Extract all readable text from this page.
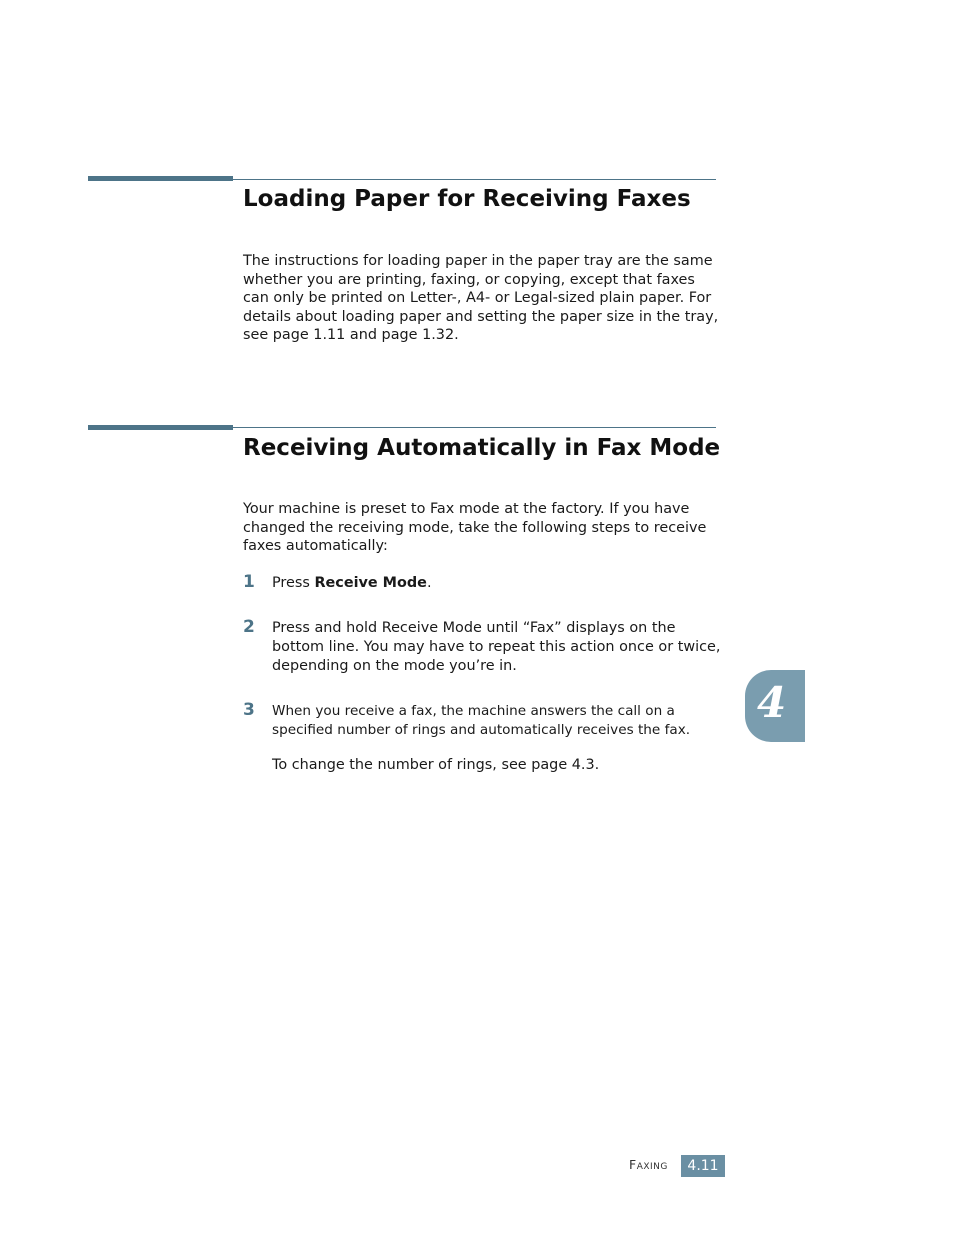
Loading Paper for Receiving Faxes

The instructions for loading paper in the paper tray are the same whether you are printing, faxing, or copying, except that faxes can only be printed on Letter-, A4- or Legal-sized plain paper. For details about loading paper and setting the paper size in the tray, see page 1.11 and page 1.32.

Receiving Automatically in Fax Mode

Your machine is preset to Fax mode at the factory. If you have changed the receiving mode, take the following steps to receive faxes automatically:

1 Press Receive Mode.

2 Press and hold Receive Mode until “Fax” displays on the bottom line. You may have to repeat this action once or twice, depending on the mode you’re in.

3 When you receive a fax, the machine answers the call on a specified number of rings and automatically receives the fax.

To change the number of rings, see page 4.3.

4
Faxing	4.11
